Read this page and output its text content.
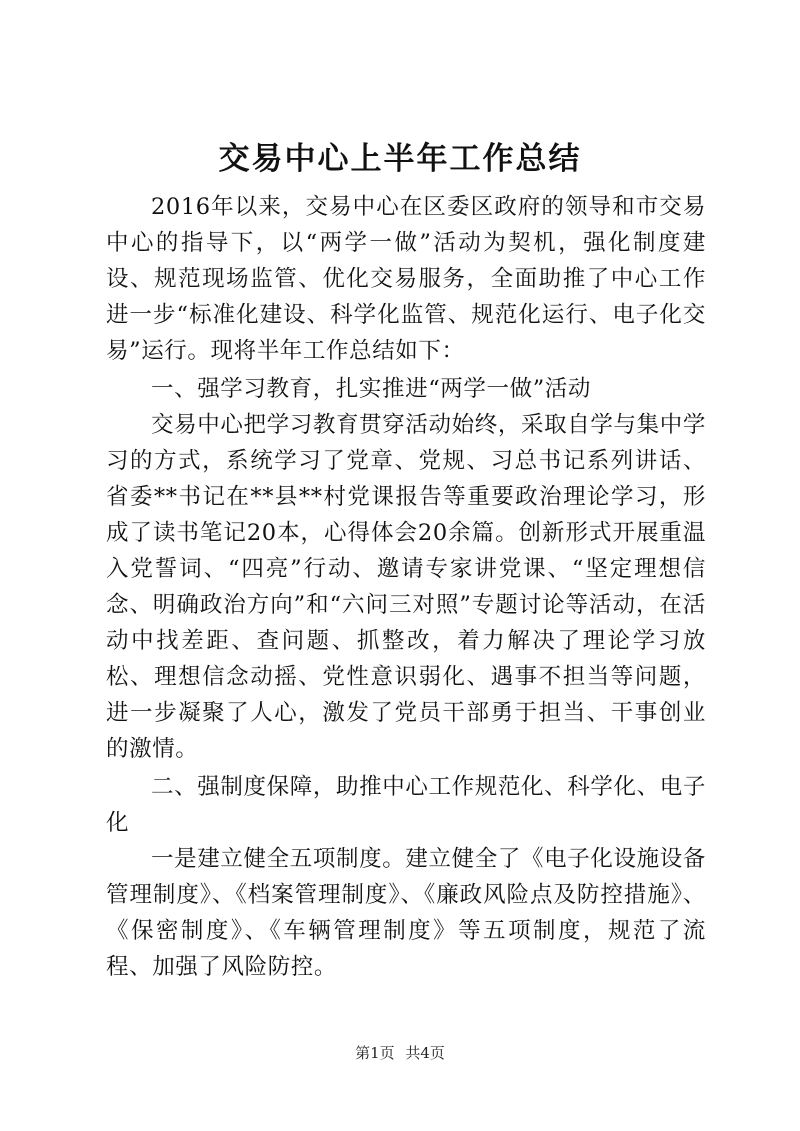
交易中心上半年工作总结

2016年以来，交易中心在区委区政府的领导和市交易中心的指导下，以“两学一做”活动为契机，强化制度建设、规范现场监管、优化交易服务，全面助推了中心工作进一步“标准化建设、科学化监管、规范化运行、电子化交易”运行。现将半年工作总结如下：

一、强学习教育，扎实推进“两学一做”活动

交易中心把学习教育贯穿活动始终，采取自学与集中学习的方式，系统学习了党章、党规、习总书记系列讲话、省委**书记在**县**村党课报告等重要政治理论学习，形成了读书笔记20本，心得体会20余篇。创新形式开展重温入党誓词、“四亮”行动、邀请专家讲党课、“坚定理想信念、明确政治方向”和“六问三对照”专题讨论等活动，在活动中找差距、查问题、抓整改，着力解决了理论学习放松、理想信念动摇、党性意识弱化、遇事不担当等问题，进一步凝聚了人心，激发了党员干部勇于担当、干事创业的激情。

二、强制度保障，助推中心工作规范化、科学化、电子化

一是建立健全五项制度。建立健全了《电子化设施设备管理制度》、《档案管理制度》、《廉政风险点及防控措施》、《保密制度》、《车辆管理制度》等五项制度，规范了流程、加强了风险防控。

第1页 共4页
